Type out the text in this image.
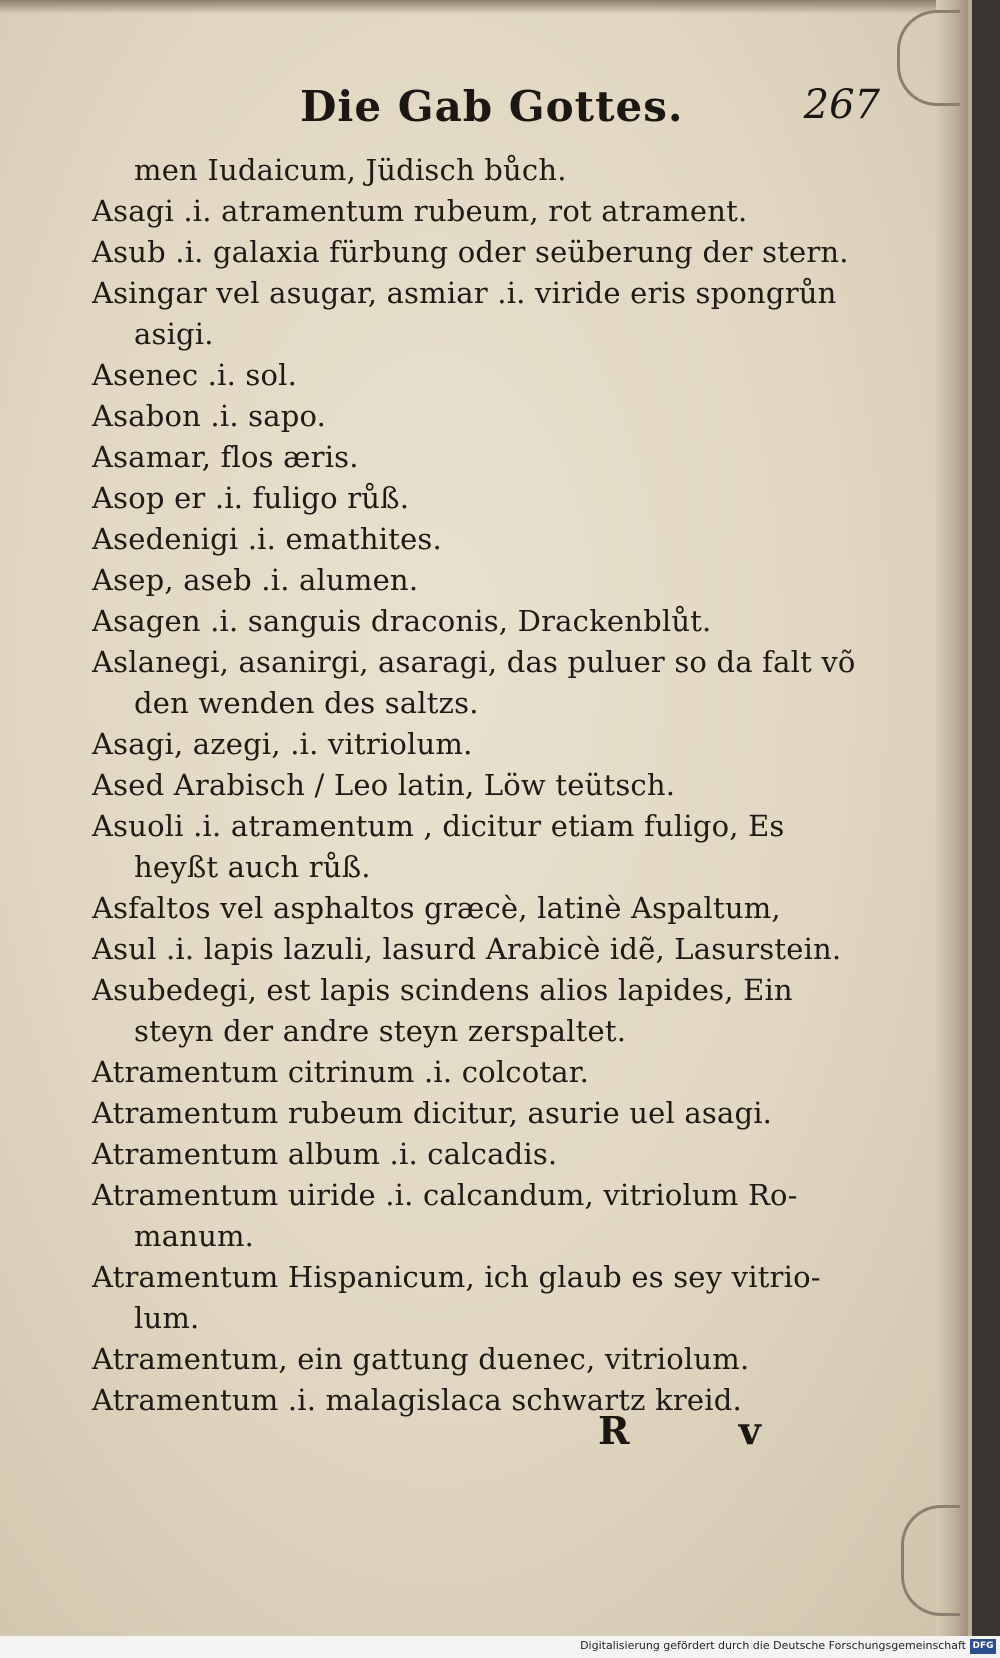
Die Gab Gottes.	267
men Iudaicum, Jüdisch bůch.
Asagi .i. atramentum rubeum, rot atrament.
Asub .i. galaxia fürbung oder seüberung der stern.
Asingar vel asugar, asmiar .i. viride eris spongrůn
asigi.
Asenec .i. sol.
Asabon .i. sapo.
Asamar, flos æris.
Asop er .i. fuligo růß.
Asedenigi .i. emathites.
Asep, aseb .i. alumen.
Asagen .i. sanguis draconis, Drackenblůt.
Aslanegi, asanirgi, asaragi, das puluer so da falt võ
den wenden des saltzs.
Asagi, azegi, .i. vitriolum.
Ased Arabisch / Leo latin, Löw teütsch.
Asuoli .i. atramentum , dicitur etiam fuligo, Es
heyßt auch růß.
Asfaltos vel asphaltos græcè, latinè Aspaltum,
Asul .i. lapis lazuli, lasurd Arabicè idẽ, Lasurstein.
Asubedegi, est lapis scindens alios lapides, Ein
steyn der andre steyn zerspaltet.
Atramentum citrinum .i. colcotar.
Atramentum rubeum dicitur, asurie uel asagi.
Atramentum album .i. calcadis.
Atramentum uiride .i. calcandum, vitriolum Ro-
manum.
Atramentum Hispanicum, ich glaub es sey vitrio-
lum.
Atramentum, ein gattung duenec, vitriolum.
Atramentum .i. malagislaca schwartz kreid.
R v
Digitalisierung gefördert durch die Deutsche Forschungsgemeinschaft DFG
